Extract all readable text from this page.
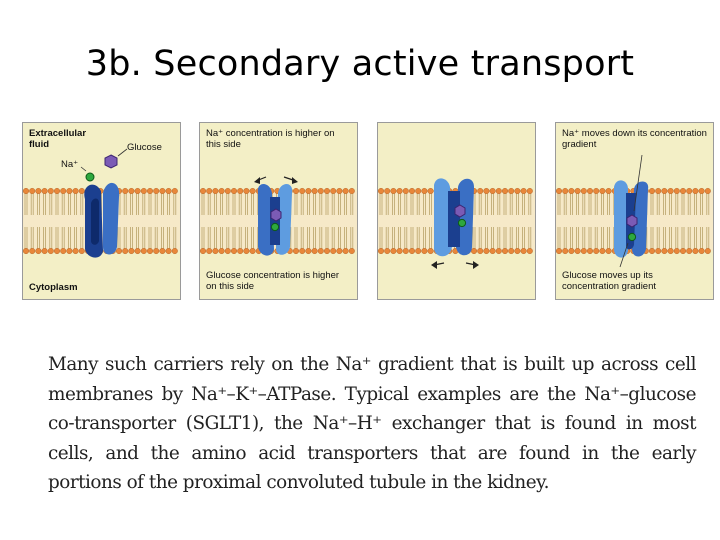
3b. Secondary active transport
Extracellular fluid
Na⁺
Glucose
Cytoplasm
Na⁺ concentration is higher on this side
Glucose concentration is higher on this side
Na⁺ moves down its concentration gradient
Glucose moves up its concentration gradient
Many such carriers rely on the Na⁺ gradient that is built up across cell membranes by Na⁺–K⁺–ATPase. Typical examples are the Na⁺–glucose co-transporter (SGLT1), the Na⁺–H⁺ exchanger that is found in most cells, and the amino acid transporters that are found in the early portions of the proximal convoluted tubule in the kidney.
